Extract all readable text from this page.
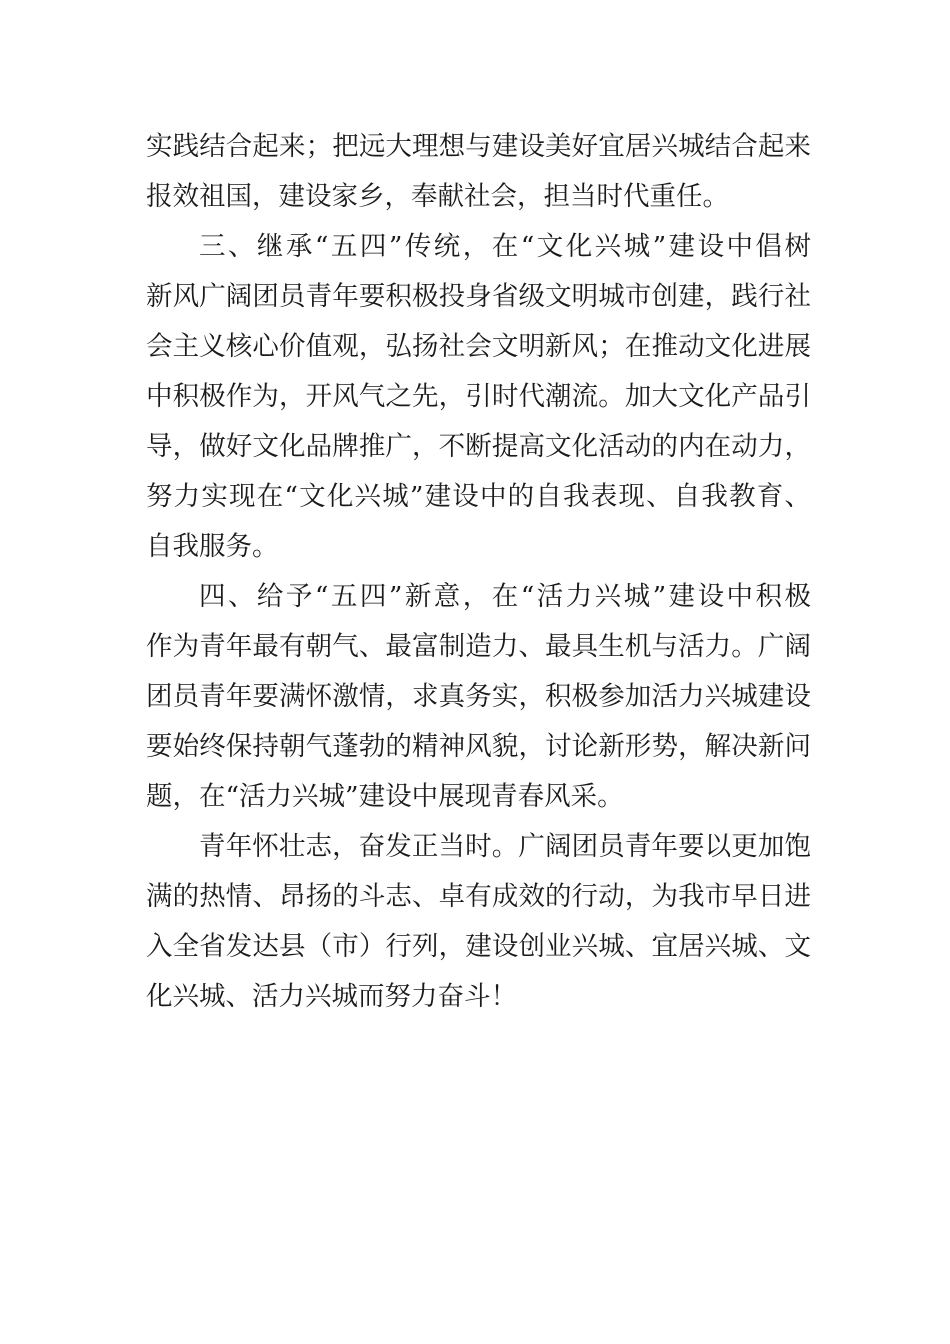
实践结合起来；把远大理想与建设美好宜居兴城结合起来
报效祖国，建设家乡，奉献社会，担当时代重任。
三、继承“五四”传统，在“文化兴城”建设中倡树
新风广阔团员青年要积极投身省级文明城市创建，践行社
会主义核心价值观，弘扬社会文明新风；在推动文化进展
中积极作为，开风气之先，引时代潮流。加大文化产品引
导，做好文化品牌推广，不断提高文化活动的内在动力，
努力实现在“文化兴城”建设中的自我表现、自我教育、
自我服务。
四、给予“五四”新意，在“活力兴城”建设中积极
作为青年最有朝气、最富制造力、最具生机与活力。广阔
团员青年要满怀激情，求真务实，积极参加活力兴城建设
要始终保持朝气蓬勃的精神风貌，讨论新形势，解决新问
题，在“活力兴城”建设中展现青春风采。
青年怀壮志，奋发正当时。广阔团员青年要以更加饱
满的热情、昂扬的斗志、卓有成效的行动，为我市早日进
入全省发达县（市）行列，建设创业兴城、宜居兴城、文
化兴城、活力兴城而努力奋斗！
